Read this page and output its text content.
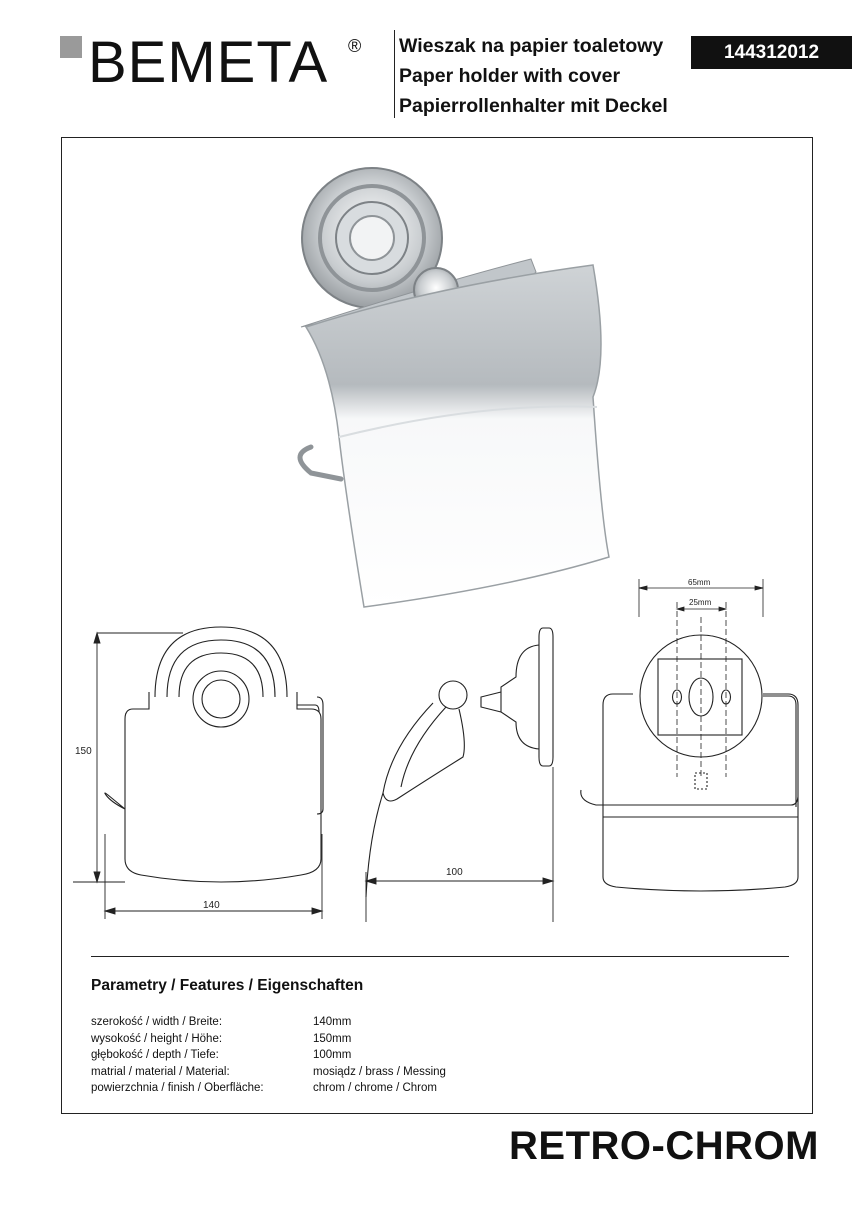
BEMETA ® Wieszak na papier toaletowy
Paper holder with cover
Papierrollenhalter mit Deckel
144312012
150
140
100
65mm
25mm
Parametry / Features / Eigenschaften
szerokość / width / Breite:	140mm
wysokość / height / Höhe:	150mm
głębokość / depth / Tiefe:	100mm
matrial / material / Material:	mosiądz / brass / Messing
powierzchnia / finish / Oberfläche:	chrom / chrome / Chrom
RETRO-CHROM
